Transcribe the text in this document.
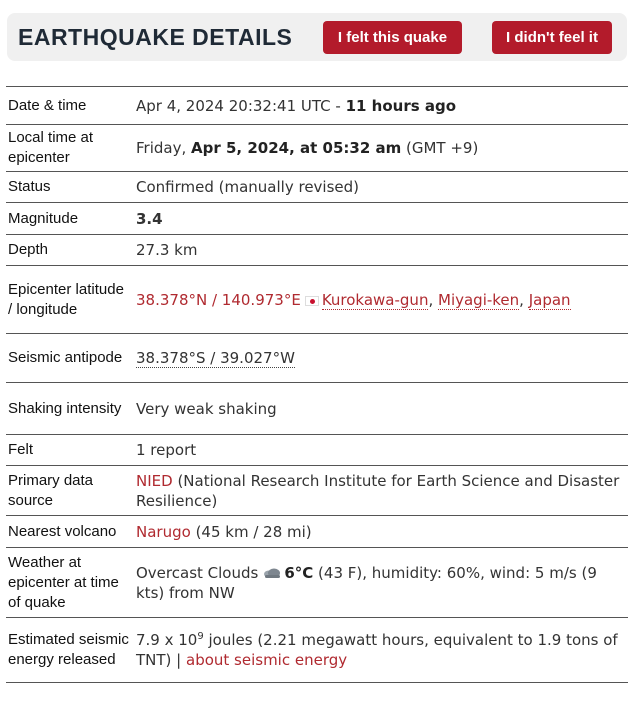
EARTHQUAKE DETAILS	I felt this quake	I didn't feel it
Date & time	Apr 4, 2024 20:32:41 UTC - 11 hours ago
Local time at epicenter	Friday, Apr 5, 2024, at 05:32 am (GMT +9)
Status	Confirmed (manually revised)
Magnitude	3.4
Depth	27.3 km
Epicenter latitude / longitude	38.378°N / 140.973°E Kurokawa-gun, Miyagi-ken, Japan
Seismic antipode	38.378°S / 39.027°W
Shaking intensity	Very weak shaking
Felt	1 report
Primary data source	NIED (National Research Institute for Earth Science and Disaster Resilience)
Nearest volcano	Narugo (45 km / 28 mi)
Weather at epicenter at time of quake	Overcast Clouds 6°C (43 F), humidity: 60%, wind: 5 m/s (9 kts) from NW
Estimated seismic energy released	7.9 x $10^9$ joules (2.21 megawatt hours, equivalent to 1.9 tons of TNT) | about seismic energy
